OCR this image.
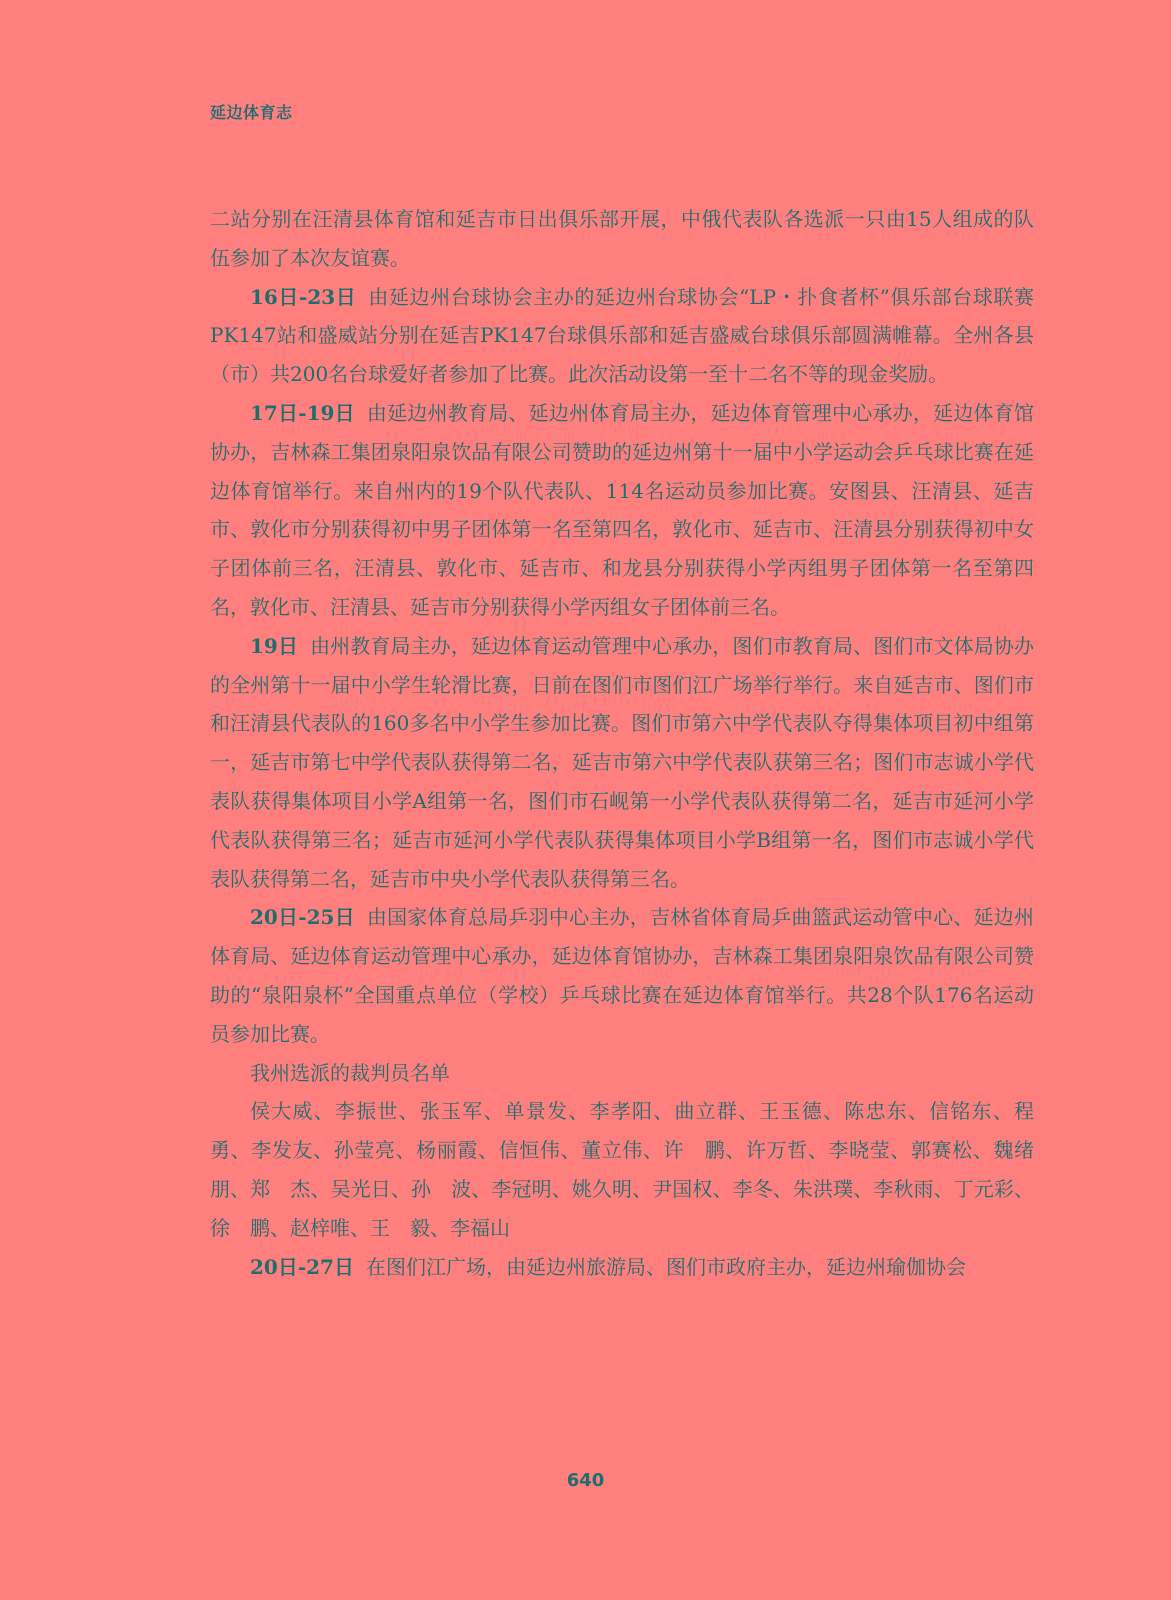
延边体育志

二站分别在汪清县体育馆和延吉市日出俱乐部开展，中俄代表队各选派一只由15人组成的队伍参加了本次友谊赛。

16日-23日 由延边州台球协会主办的延边州台球协会“LP・扑食者杯”俱乐部台球联赛PK147站和盛威站分别在延吉PK147台球俱乐部和延吉盛威台球俱乐部圆满帷幕。全州各县（市）共200名台球爱好者参加了比赛。此次活动设第一至十二名不等的现金奖励。

17日-19日 由延边州教育局、延边州体育局主办，延边体育管理中心承办，延边体育馆协办，吉林森工集团泉阳泉饮品有限公司赞助的延边州第十一届中小学运动会乒乓球比赛在延边体育馆举行。来自州内的19个队代表队、114名运动员参加比赛。安图县、汪清县、延吉市、敦化市分别获得初中男子团体第一名至第四名，敦化市、延吉市、汪清县分别获得初中女子团体前三名，汪清县、敦化市、延吉市、和龙县分别获得小学丙组男子团体第一名至第四名，敦化市、汪清县、延吉市分别获得小学丙组女子团体前三名。

19日 由州教育局主办，延边体育运动管理中心承办，图们市教育局、图们市文体局协办的全州第十一届中小学生轮滑比赛，日前在图们市图们江广场举行举行。来自延吉市、图们市和汪清县代表队的160多名中小学生参加比赛。图们市第六中学代表队夺得集体项目初中组第一，延吉市第七中学代表队获得第二名，延吉市第六中学代表队获第三名；图们市志诚小学代表队获得集体项目小学A组第一名，图们市石岘第一小学代表队获得第二名，延吉市延河小学代表队获得第三名；延吉市延河小学代表队获得集体项目小学B组第一名，图们市志诚小学代表队获得第二名，延吉市中央小学代表队获得第三名。

20日-25日 由国家体育总局乒羽中心主办，吉林省体育局乒曲篮武运动管中心、延边州体育局、延边体育运动管理中心承办，延边体育馆协办，吉林森工集团泉阳泉饮品有限公司赞助的“泉阳泉杯”全国重点单位（学校）乒乓球比赛在延边体育馆举行。共28个队176名运动员参加比赛。

我州选派的裁判员名单

侯大威、李振世、张玉军、单景发、李孝阳、曲立群、王玉德、陈忠东、信铭东、程　勇、李发友、孙莹亮、杨丽霞、信恒伟、董立伟、许　鹏、许万哲、李晓莹、郭赛松、魏绪朋、郑　杰、吴光日、孙　波、李冠明、姚久明、尹国权、李冬、朱洪璞、李秋雨、丁元彩、徐　鹏、赵梓唯、王　毅、李福山

20日-27日 在图们江广场，由延边州旅游局、图们市政府主办，延边州瑜伽协会

640
